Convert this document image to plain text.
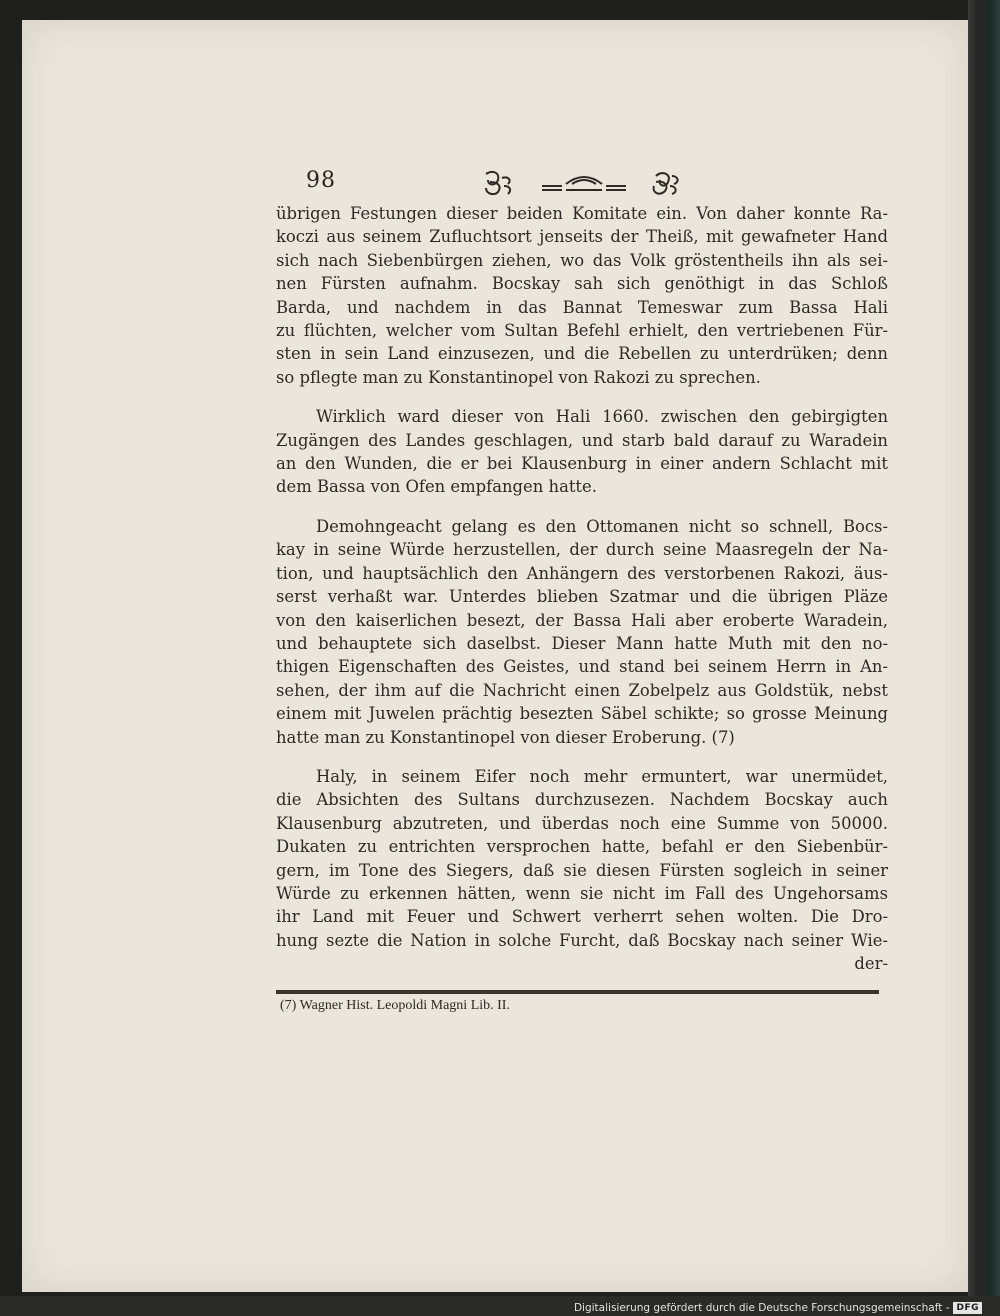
98
übrigen Festungen dieser beiden Komitate ein. Von daher konnte Ra-
koczi aus seinem Zufluchtsort jenseits der Theiß, mit gewafneter Hand
sich nach Siebenbürgen ziehen, wo das Volk gröstentheils ihn als sei-
nen Fürsten aufnahm. Bocskay sah sich genöthigt in das Schloß
Barda, und nachdem in das Bannat Temeswar zum Bassa Hali
zu flüchten, welcher vom Sultan Befehl erhielt, den vertriebenen Für-
sten in sein Land einzusezen, und die Rebellen zu unterdrüken; denn
so pflegte man zu Konstantinopel von Rakozi zu sprechen.
Wirklich ward dieser von Hali 1660. zwischen den gebirgigten
Zugängen des Landes geschlagen, und starb bald darauf zu Waradein
an den Wunden, die er bei Klausenburg in einer andern Schlacht mit
dem Bassa von Ofen empfangen hatte.
Demohngeacht gelang es den Ottomanen nicht so schnell, Bocs-
kay in seine Würde herzustellen, der durch seine Maasregeln der Na-
tion, und hauptsächlich den Anhängern des verstorbenen Rakozi, äus-
serst verhaßt war. Unterdes blieben Szatmar und die übrigen Pläze
von den kaiserlichen besezt, der Bassa Hali aber eroberte Waradein,
und behauptete sich daselbst. Dieser Mann hatte Muth mit den no-
thigen Eigenschaften des Geistes, und stand bei seinem Herrn in An-
sehen, der ihm auf die Nachricht einen Zobelpelz aus Goldstük, nebst
einem mit Juwelen prächtig besezten Säbel schikte; so grosse Meinung
hatte man zu Konstantinopel von dieser Eroberung. (7)
Haly, in seinem Eifer noch mehr ermuntert, war unermüdet,
die Absichten des Sultans durchzusezen. Nachdem Bocskay auch
Klausenburg abzutreten, und überdas noch eine Summe von 50000.
Dukaten zu entrichten versprochen hatte, befahl er den Siebenbür-
gern, im Tone des Siegers, daß sie diesen Fürsten sogleich in seiner
Würde zu erkennen hätten, wenn sie nicht im Fall des Ungehorsams
ihr Land mit Feuer und Schwert verherrt sehen wolten. Die Dro-
hung sezte die Nation in solche Furcht, daß Bocskay nach seiner Wie-
der-
(7) Wagner Hist. Leopoldi Magni Lib. II.
Digitalisierung gefördert durch die Deutsche Forschungsgemeinschaft - DFG
